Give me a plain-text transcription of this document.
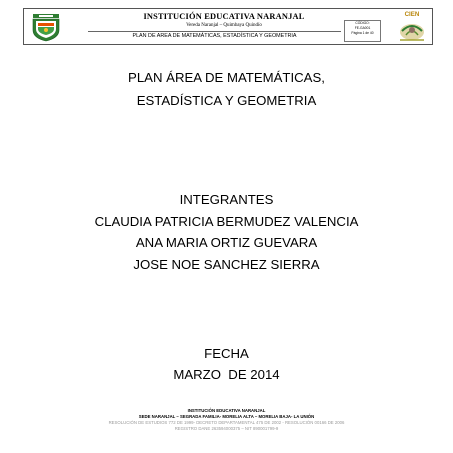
INSTITUCIÓN EDUCATIVA NARANJAL
Vereda Naranjal – Quimbaya Quindío
PLAN DE AREA DE MATEMÁTICAS, ESTADÍSTICA Y GEOMETRIA
CÓDIGO:
FE-GA001
Página 1 de 40
CIEN
PLAN ÁREA DE MATEMÁTICAS,
ESTADÍSTICA Y GEOMETRIA
INTEGRANTES
CLAUDIA PATRICIA BERMUDEZ VALENCIA
ANA MARIA ORTIZ GUEVARA
JOSE NOE SANCHEZ SIERRA
FECHA
MARZO  DE 2014
INSTITUCIÓN EDUCATIVA NARANJAL
SEDE NARANJAL – SEGRADA FAMILIA- MORELIA ALTA – MORELIA BAJA- LA UNIÓN
RESOLUCIÓN DE ESTUDIOS 772 DE 1999- DECRETO DEPARTAMENTAL 475 DE 2002 - RESOLUCIÓN 00166 DE 2006
REGISTRO DANE 263594000375 – NIT 890001799-9
